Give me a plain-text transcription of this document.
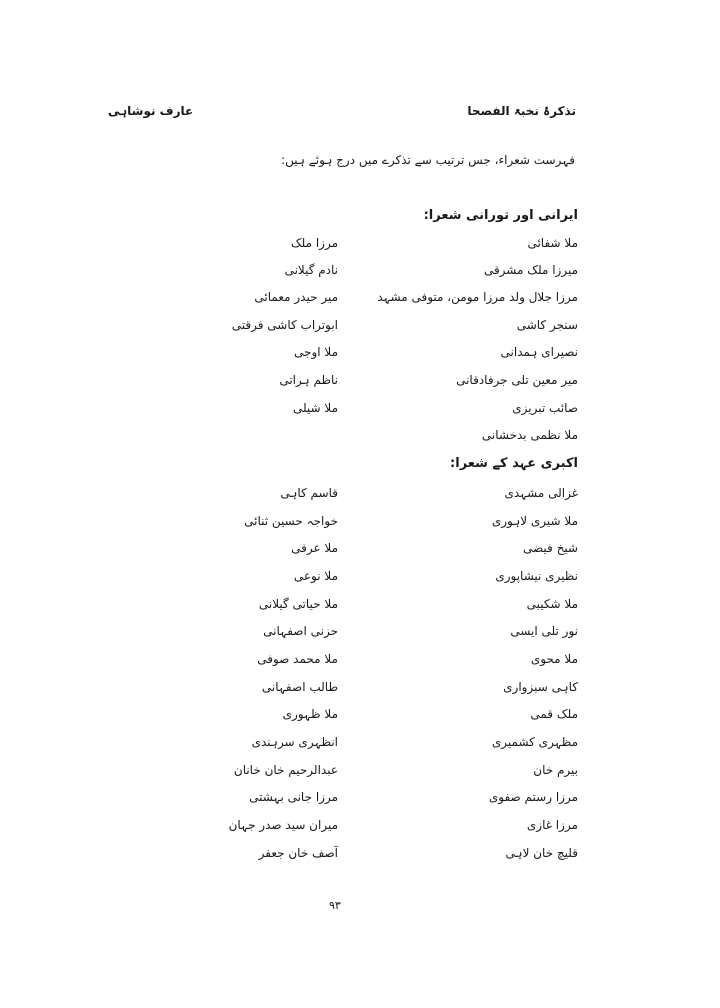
تذکرۂ نخبۃ الفصحا
عارف نوشاہی
فہرست شعراء، جس ترتیب سے تذکرے میں درج ہوئے ہیں:
ایرانی اور تورانی شعرا:
ملا شفائی
مرزا ملک
میرزا ملک مشرقی
نادم گیلانی
مرزا جلال ولد مرزا مومن، متوفی مشہد
میر حیدر معمائی
سنجر کاشی
ابوتراب کاشی فرقتی
نصیرای ہمدانی
ملا اوجی
میر معین تلی جرفادقانی
ناظم ہراتی
صائب تبریزی
ملا شیلی
ملا نظمی بدخشانی
اکبری عہد کے شعرا:
غزالی مشہدی
قاسم کاہی
ملا شیری لاہوری
خواجہ حسین ثنائی
شیخ فیضی
ملا عرفی
نظیری نیشاپوری
ملا نوعی
ملا شکیبی
ملا حیاتی گیلانی
نور تلی ایسی
حزنی اصفہانی
ملا محوی
ملا محمد صوفی
کاہی سبزواری
طالب اصفہانی
ملک قمی
ملا ظہوری
مظہری کشمیری
انظہری سرہندی
بیرم خان
عبدالرحیم خان خانان
مرزا رستم صفوی
مرزا جانی بہشتی
مرزا غازی
میران سید صدر جہان
قلیچ خان لاہی
آصف خان جعفر
۹۳
